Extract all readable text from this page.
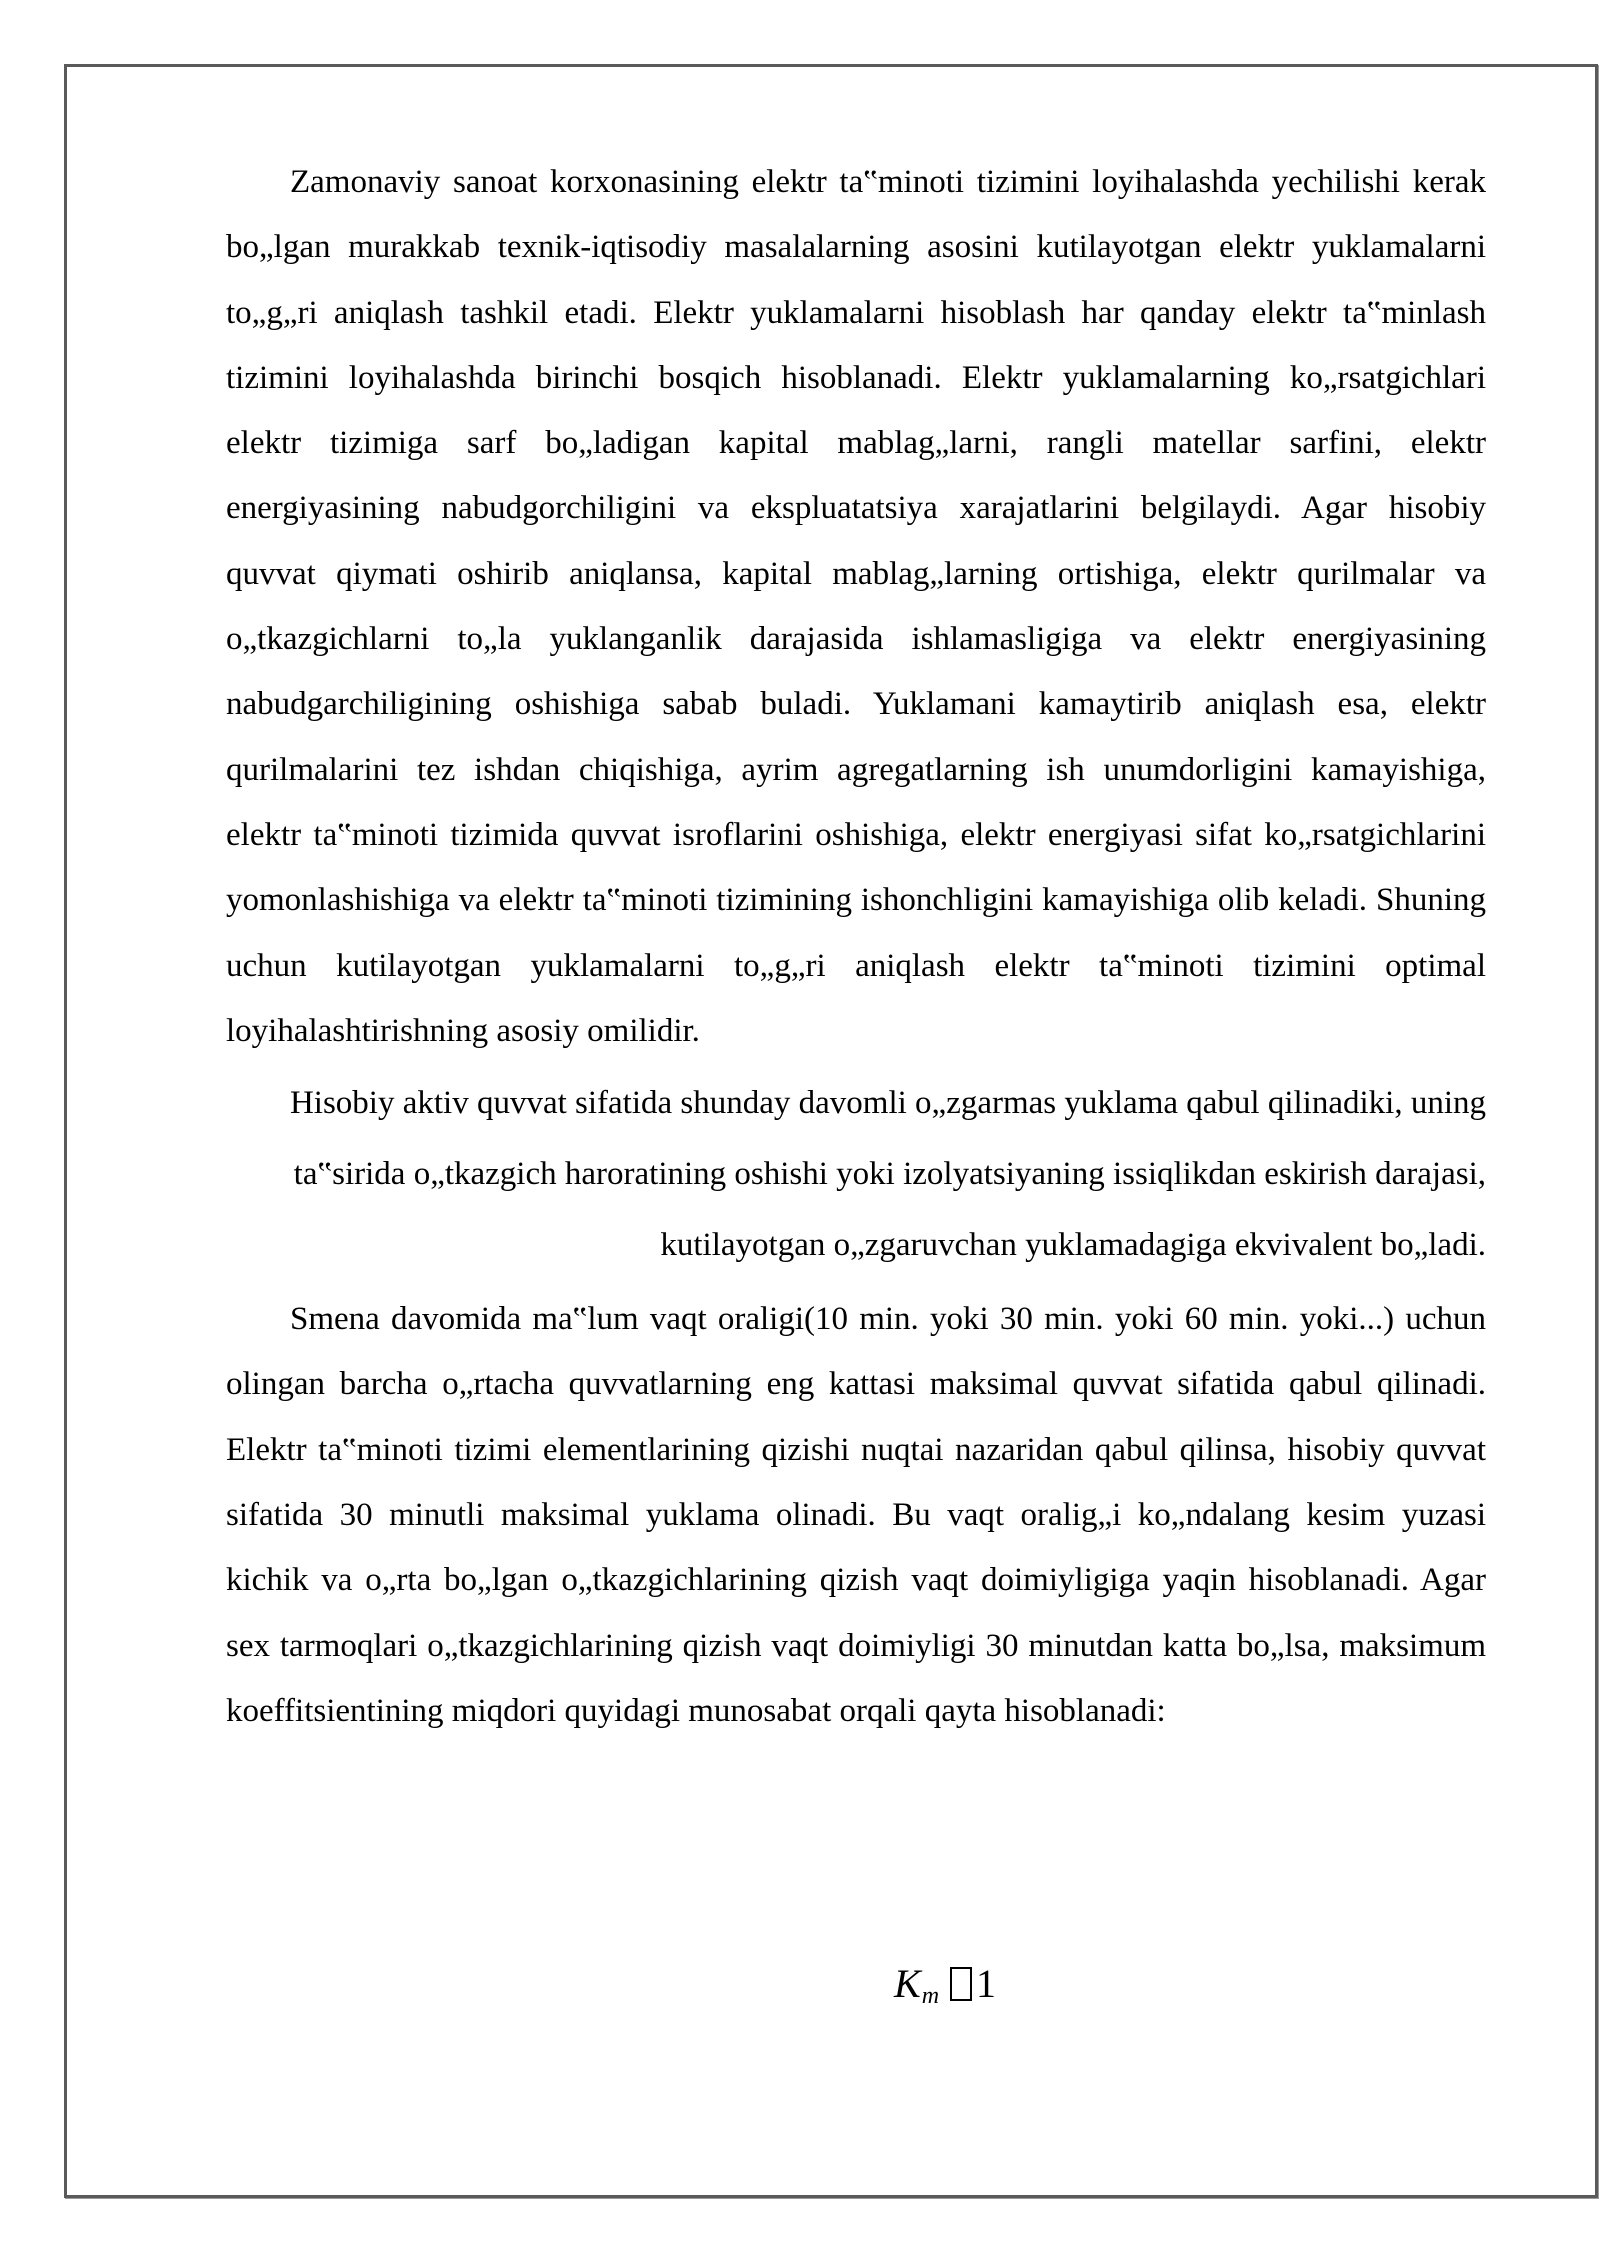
Zamonaviy sanoat korxonasining elektr ta‟minoti tizimini loyihalashda yechilishi kerak bo„lgan murakkab texnik-iqtisodiy masalalarning asosini kutilayotgan elektr yuklamalarni to„g„ri aniqlash tashkil etadi. Elektr yuklamalarni hisoblash har qanday elektr ta‟minlash tizimini loyihalashda birinchi bosqich hisoblanadi. Elektr yuklamalarning ko„rsatgichlari elektr tizimiga sarf bo„ladigan kapital mablag„larni, rangli matellar sarfini, elektr energiyasining nabudgorchiligini va ekspluatatsiya xarajatlarini belgilaydi. Agar hisobiy quvvat qiymati oshirib aniqlansa, kapital mablag„larning ortishiga, elektr qurilmalar va o„tkazgichlarni to„la yuklanganlik darajasida ishlamasligiga va elektr energiyasining nabudgarchiligining oshishiga sabab buladi. Yuklamani kamaytirib aniqlash esa, elektr qurilmalarini tez ishdan chiqishiga, ayrim agregatlarning ish unumdorligini kamayishiga, elektr ta‟minoti tizimida quvvat isroflarini oshishiga, elektr energiyasi sifat ko„rsatgichlarini yomonlashishiga va elektr ta‟minoti tizimining ishonchligini kamayishiga olib keladi. Shuning uchun kutilayotgan yuklamalarni to„g„ri aniqlash elektr ta‟minoti tizimini optimal loyihalashtirishning asosiy omilidir.

Hisobiy aktiv quvvat sifatida shunday davomli o„zgarmas yuklama qabul qilinadiki, uning ta‟sirida o„tkazgich haroratining oshishi yoki izolyatsiyaning issiqlikdan eskirish darajasi, kutilayotgan o„zgaruvchan yuklamadagiga ekvivalent bo„ladi.

Smena davomida ma‟lum vaqt oraligi(10 min. yoki 30 min. yoki 60 min. yoki...) uchun olingan barcha o„rtacha quvvatlarning eng kattasi maksimal quvvat sifatida qabul qilinadi. Elektr ta‟minoti tizimi elementlarining qizishi nuqtai nazaridan qabul qilinsa, hisobiy quvvat sifatida 30 minutli maksimal yuklama olinadi. Bu vaqt oralig„i ko„ndalang kesim yuzasi kichik va o„rta bo„lgan o„tkazgichlarining qizish vaqt doimiyligiga yaqin hisoblanadi. Agar sex tarmoqlari o„tkazgichlarining qizish vaqt doimiyligi 30 minutdan katta bo„lsa, maksimum koeffitsientining miqdori quyidagi munosabat orqali qayta hisoblanadi:

$K_m$ 1
